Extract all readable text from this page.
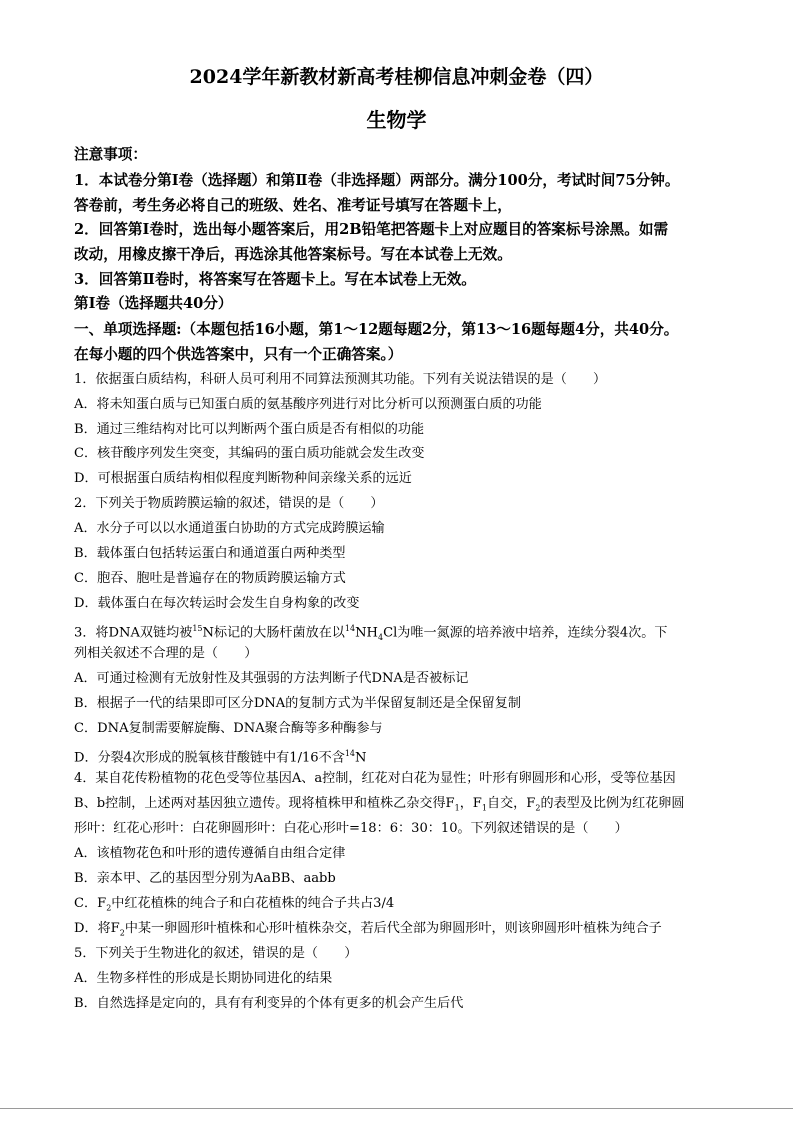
2024学年新教材新高考桂柳信息冲刺金卷（四）
生物学
注意事项：
1．本试卷分第Ⅰ卷（选择题）和第Ⅱ卷（非选择题）两部分。满分100分，考试时间75分钟。
答卷前，考生务必将自己的班级、姓名、准考证号填写在答题卡上，
2．回答第Ⅰ卷时，选出每小题答案后，用2B铅笔把答题卡上对应题目的答案标号涂黑。如需
改动，用橡皮擦干净后，再选涂其他答案标号。写在本试卷上无效。
3．回答第Ⅱ卷时，将答案写在答题卡上。写在本试卷上无效。
第Ⅰ卷（选择题共40分）
一、单项选择题:（本题包括16小题，第1～12题每题2分，第13～16题每题4分，共40分。
在每小题的四个供选答案中，只有一个正确答案。）
1．依据蛋白质结构，科研人员可利用不同算法预测其功能。下列有关说法错误的是（　　）
A．将未知蛋白质与已知蛋白质的氨基酸序列进行对比分析可以预测蛋白质的功能
B．通过三维结构对比可以判断两个蛋白质是否有相似的功能
C．核苷酸序列发生突变，其编码的蛋白质功能就会发生改变
D．可根据蛋白质结构相似程度判断物种间亲缘关系的远近
2．下列关于物质跨膜运输的叙述，错误的是（　　）
A．水分子可以以水通道蛋白协助的方式完成跨膜运输
B．载体蛋白包括转运蛋白和通道蛋白两种类型
C．胞吞、胞吐是普遍存在的物质跨膜运输方式
D．载体蛋白在每次转运时会发生自身构象的改变
3．将DNA双链均被$^{15}$N标记的大肠杆菌放在以$^{14}NH_4Cl$为唯一氮源的培养液中培养，连续分裂4次。下
列相关叙述不合理的是（　　）
A．可通过检测有无放射性及其强弱的方法判断子代DNA是否被标记
B．根据子一代的结果即可区分DNA的复制方式为半保留复制还是全保留复制
C．DNA复制需要解旋酶、DNA聚合酶等多种酶参与
D．分裂4次形成的脱氧核苷酸链中有1/16不含$^{14}$N
4．某自花传粉植物的花色受等位基因A、a控制，红花对白花为显性；叶形有卵圆形和心形，受等位基因
B、b控制，上述两对基因独立遗传。现将植株甲和植株乙杂交得$F_1$，$F_1$自交，$F_2$的表型及比例为红花卵圆
形叶：红花心形叶：白花卵圆形叶：白花心形叶=18：6：30：10。下列叙述错误的是（　　）
A．该植物花色和叶形的遗传遵循自由组合定律
B．亲本甲、乙的基因型分别为AaBB、aabb
C．$F_2$中红花植株的纯合子和白花植株的纯合子共占3/4
D．将$F_2$中某一卵圆形叶植株和心形叶植株杂交，若后代全部为卵圆形叶，则该卵圆形叶植株为纯合子
5．下列关于生物进化的叙述，错误的是（　　）
A．生物多样性的形成是长期协同进化的结果
B．自然选择是定向的，具有有利变异的个体有更多的机会产生后代
